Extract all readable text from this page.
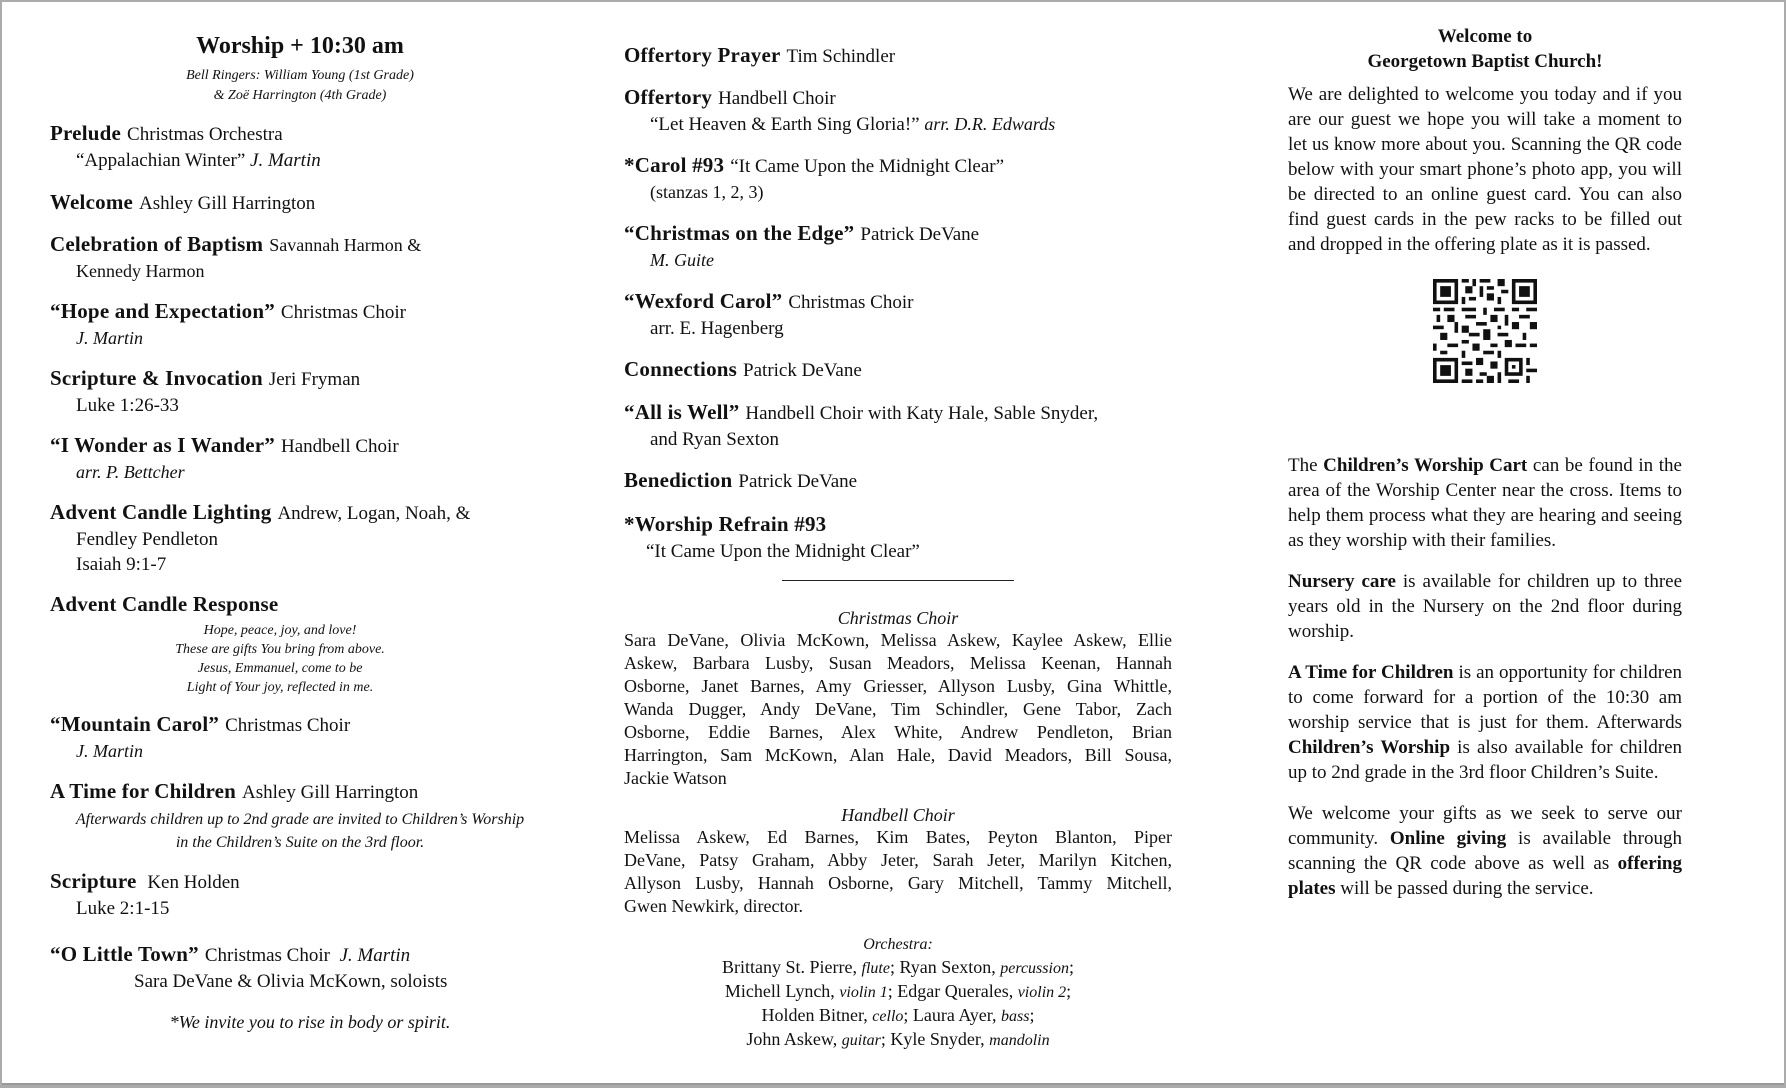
Worship + 10:30 am
Bell Ringers: William Young (1st Grade)
& Zoë Harrington (4th Grade)
Prelude Christmas Orchestra
“Appalachian Winter” J. Martin
Welcome Ashley Gill Harrington
Celebration of Baptism Savannah Harmon &
Kennedy Harmon
“Hope and Expectation” Christmas Choir
J. Martin
Scripture & Invocation Jeri Fryman
Luke 1:26-33
“I Wonder as I Wander” Handbell Choir
arr. P. Bettcher
Advent Candle Lighting Andrew, Logan, Noah, &
Fendley Pendleton
Isaiah 9:1-7
Advent Candle Response
Hope, peace, joy, and love!
These are gifts You bring from above.
Jesus, Emmanuel, come to be
Light of Your joy, reflected in me.
“Mountain Carol” Christmas Choir
J. Martin
A Time for Children Ashley Gill Harrington
Afterwards children up to 2nd grade are invited to Children’s Worship
in the Children’s Suite on the 3rd floor.
Scripture Ken Holden
Luke 2:1-15
“O Little Town” Christmas Choir J. Martin
Sara DeVane & Olivia McKown, soloists
*We invite you to rise in body or spirit.
Offertory Prayer Tim Schindler
Offertory Handbell Choir
“Let Heaven & Earth Sing Gloria!” arr. D.R. Edwards
*Carol #93 “It Came Upon the Midnight Clear”
(stanzas 1, 2, 3)
“Christmas on the Edge” Patrick DeVane
M. Guite
“Wexford Carol” Christmas Choir
arr. E. Hagenberg
Connections Patrick DeVane
“All is Well” Handbell Choir with Katy Hale, Sable Snyder,
and Ryan Sexton
Benediction Patrick DeVane
*Worship Refrain #93
“It Came Upon the Midnight Clear”
Christmas Choir
Sara DeVane, Olivia McKown, Melissa Askew, Kaylee Askew, Ellie
Askew, Barbara Lusby, Susan Meadors, Melissa Keenan, Hannah
Osborne, Janet Barnes, Amy Griesser, Allyson Lusby, Gina Whittle,
Wanda Dugger, Andy DeVane, Tim Schindler, Gene Tabor, Zach
Osborne, Eddie Barnes, Alex White, Andrew Pendleton, Brian
Harrington, Sam McKown, Alan Hale, David Meadors, Bill Sousa,
Jackie Watson
Handbell Choir
Melissa Askew, Ed Barnes, Kim Bates, Peyton Blanton, Piper
DeVane, Patsy Graham, Abby Jeter, Sarah Jeter, Marilyn Kitchen,
Allyson Lusby, Hannah Osborne, Gary Mitchell, Tammy Mitchell,
Gwen Newkirk, director.
Orchestra:
Brittany St. Pierre, flute; Ryan Sexton, percussion;
Michell Lynch, violin 1; Edgar Querales, violin 2;
Holden Bitner, cello; Laura Ayer, bass;
John Askew, guitar; Kyle Snyder, mandolin
Welcome to
Georgetown Baptist Church!
We are delighted to welcome you today and if you are our guest we hope you will take a moment to let us know more about you. Scanning the QR code below with your smart phone’s photo app, you will be directed to an online guest card. You can also find guest cards in the pew racks to be filled out and dropped in the offering plate as it is passed.
The Children’s Worship Cart can be found in the area of the Worship Center near the cross. Items to help them process what they are hearing and seeing as they worship with their families.
Nursery care is available for children up to three years old in the Nursery on the 2nd floor during worship.
A Time for Children is an opportunity for children to come forward for a portion of the 10:30 am worship service that is just for them. Afterwards Children’s Worship is also available for children up to 2nd grade in the 3rd floor Children’s Suite.
We welcome your gifts as we seek to serve our community. Online giving is available through scanning the QR code above as well as offering plates will be passed during the service.
